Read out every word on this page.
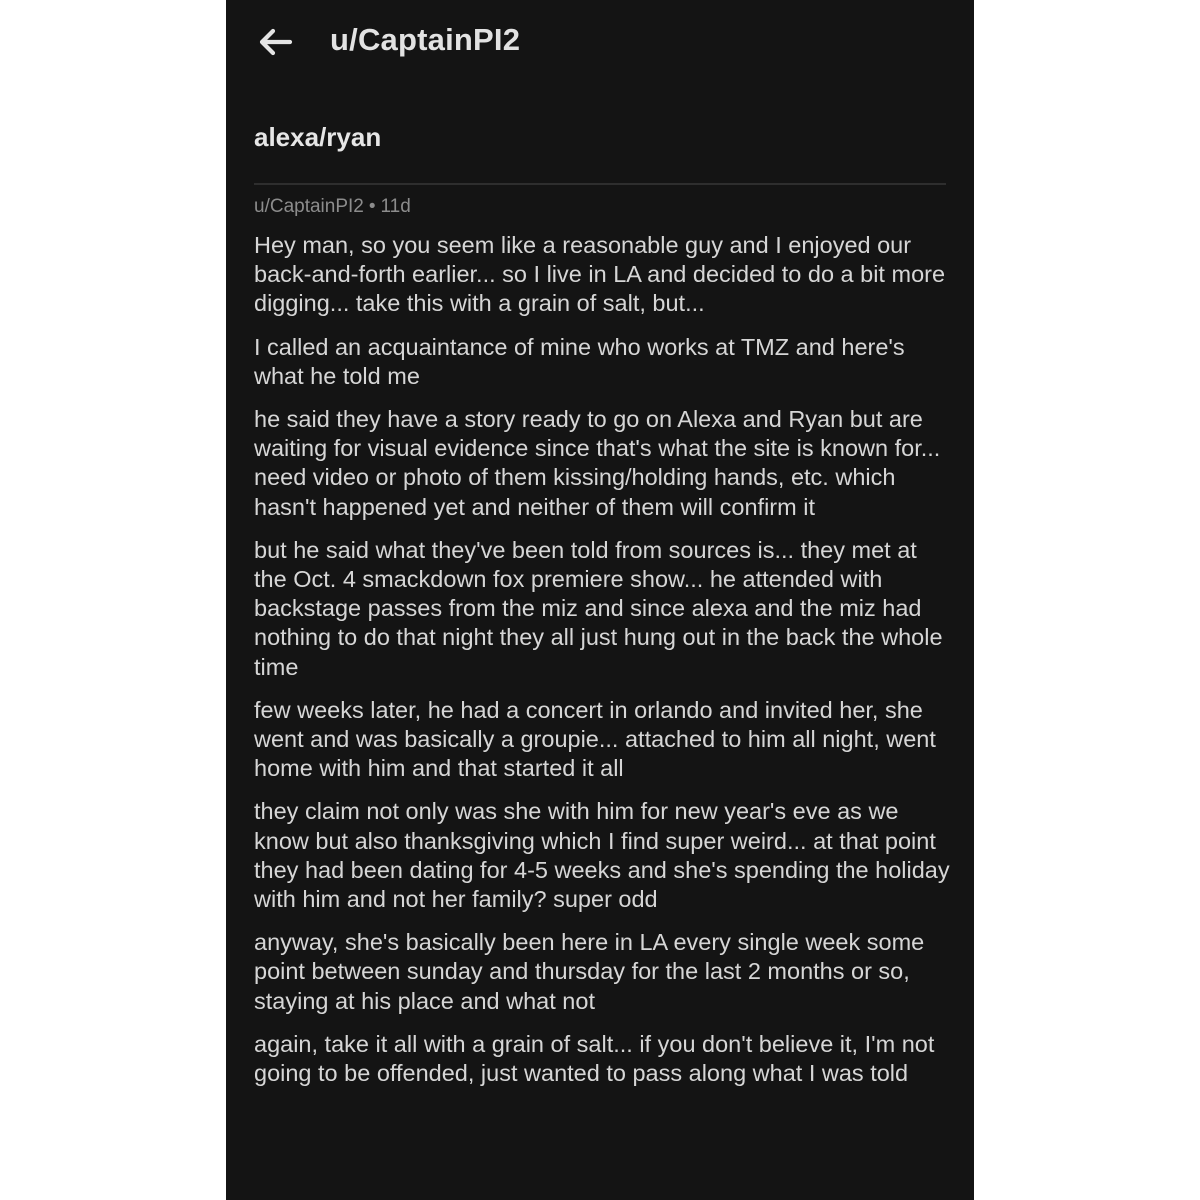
u/CaptainPI2
alexa/ryan
u/CaptainPI2 • 11d

Hey man, so you seem like a reasonable guy and I enjoyed our back-and-forth earlier... so I live in LA and decided to do a bit more digging... take this with a grain of salt, but...

I called an acquaintance of mine who works at TMZ and here's what he told me

he said they have a story ready to go on Alexa and Ryan but are waiting for visual evidence since that's what the site is known for... need video or photo of them kissing/holding hands, etc. which hasn't happened yet and neither of them will confirm it

but he said what they've been told from sources is... they met at the Oct. 4 smackdown fox premiere show... he attended with backstage passes from the miz and since alexa and the miz had nothing to do that night they all just hung out in the back the whole time

few weeks later, he had a concert in orlando and invited her, she went and was basically a groupie... attached to him all night, went home with him and that started it all

they claim not only was she with him for new year's eve as we know but also thanksgiving which I find super weird... at that point they had been dating for 4-5 weeks and she's spending the holiday with him and not her family? super odd

anyway, she's basically been here in LA every single week some point between sunday and thursday for the last 2 months or so, staying at his place and what not

again, take it all with a grain of salt... if you don't believe it, I'm not going to be offended, just wanted to pass along what I was told
